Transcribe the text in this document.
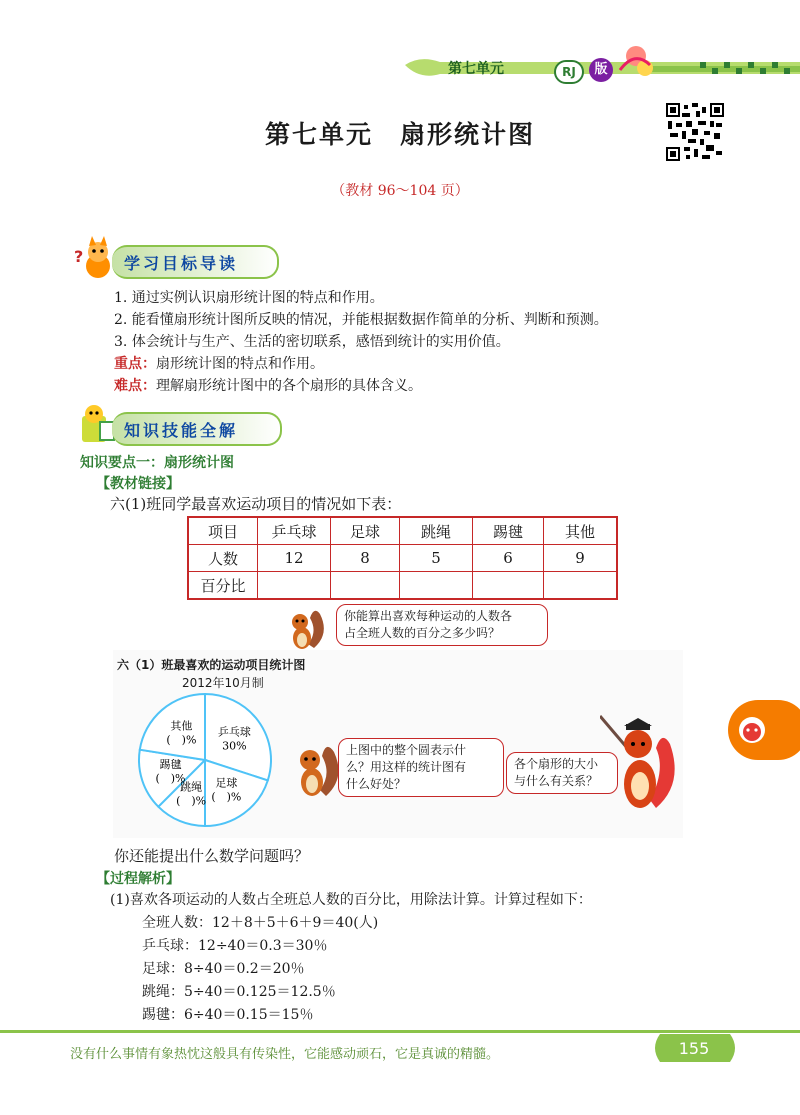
第七单元	RJ	版
第七单元　扇形统计图
（教材 96～104 页）
?	学习目标导读
1. 通过实例认识扇形统计图的特点和作用。
2. 能看懂扇形统计图所反映的情况，并能根据数据作简单的分析、判断和预测。
3. 体会统计与生产、生活的密切联系，感悟到统计的实用价值。
重点：扇形统计图的特点和作用。
难点：理解扇形统计图中的各个扇形的具体含义。
知识技能全解
知识要点一：扇形统计图
【教材链接】
六(1)班同学最喜欢运动项目的情况如下表：
项目	乒乓球	足球	跳绳	踢毽	其他
人数	12	8	5	6	9
百分比					
你能算出喜欢每种运动的人数各
占全班人数的百分之多少吗？
六（1）班最喜欢的运动项目统计图
2012年10月制
乒乓球
30%
足球
(　)%
跳绳
(　)%
踢毽
(　)%
其他
(　)%
上图中的整个圆表示什
么？用这样的统计图有
什么好处？
各个扇形的大小
与什么有关系？
你还能提出什么数学问题吗？
【过程解析】
(1)喜欢各项运动的人数占全班总人数的百分比，用除法计算。计算过程如下：
全班人数：12＋8＋5＋6＋9＝40(人)
乒乓球：12÷40＝0.3＝30％
足球：8÷40＝0.2＝20％
跳绳：5÷40＝0.125＝12.5％
踢毽：6÷40＝0.15＝15％
没有什么事情有象热忱这般具有传染性，它能感动顽石，它是真诚的精髓。	155
